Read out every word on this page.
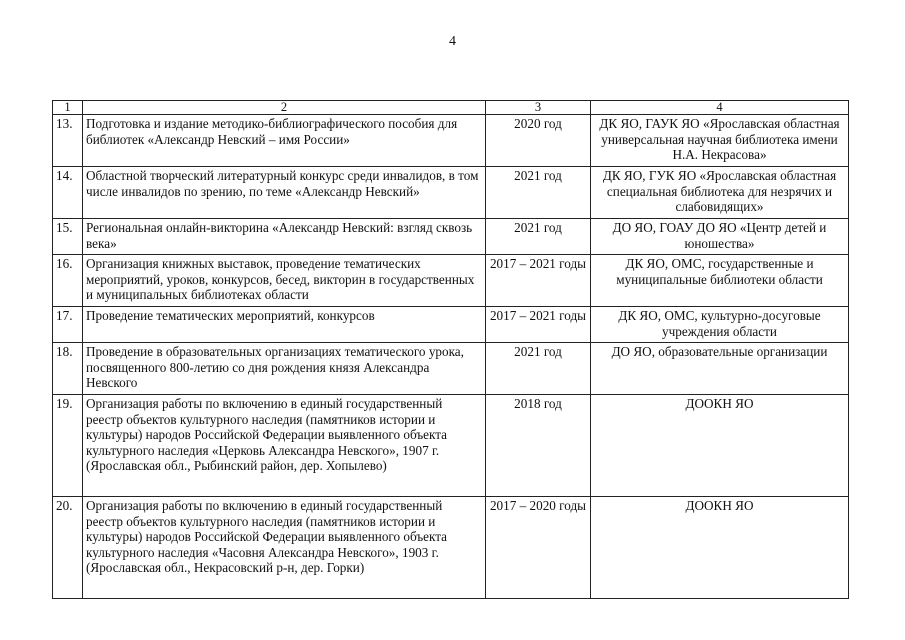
4
1	2	3	4
13.	Подготовка и издание методико-библиографического пособия для библиотек «Александр Невский – имя России»	2020 год	ДК ЯО, ГАУК ЯО «Ярославская областная универсальная научная библиотека имени Н.А. Некрасова»
14.	Областной творческий литературный конкурс среди инвалидов, в том числе инвалидов по зрению, по теме «Александр Невский»	2021 год	ДК ЯО, ГУК ЯО «Ярославская областная специальная библиотека для незрячих и слабовидящих»
15.	Региональная онлайн-викторина «Александр Невский: взгляд сквозь века»	2021 год	ДО ЯО, ГОАУ ДО ЯО «Центр детей и юношества»
16.	Организация книжных выставок, проведение тематических мероприятий, уроков, конкурсов, бесед, викторин в государственных и муниципальных библиотеках области	2017 – 2021 годы	ДК ЯО, ОМС, государственные и муниципальные библиотеки области
17.	Проведение тематических мероприятий, конкурсов	2017 – 2021 годы	ДК ЯО, ОМС, культурно-досуговые учреждения области
18.	Проведение в образовательных организациях тематического урока, посвященного 800-летию со дня рождения князя Александра Невского	2021 год	ДО ЯО, образовательные организации
19.	Организация работы по включению в единый государственный реестр объектов культурного наследия (памятников истории и культуры) народов Российской Федерации выявленного объекта культурного наследия «Церковь Александра Невского», 1907 г. (Ярославская обл., Рыбинский район, дер. Хопылево)	2018 год	ДООКН ЯО
20.	Организация работы по включению в единый государственный реестр объектов культурного наследия (памятников истории и культуры) народов Российской Федерации выявленного объекта культурного наследия «Часовня Александра Невского», 1903 г. (Ярославская обл., Некрасовский р-н, дер. Горки)	2017 – 2020 годы	ДООКН ЯО
